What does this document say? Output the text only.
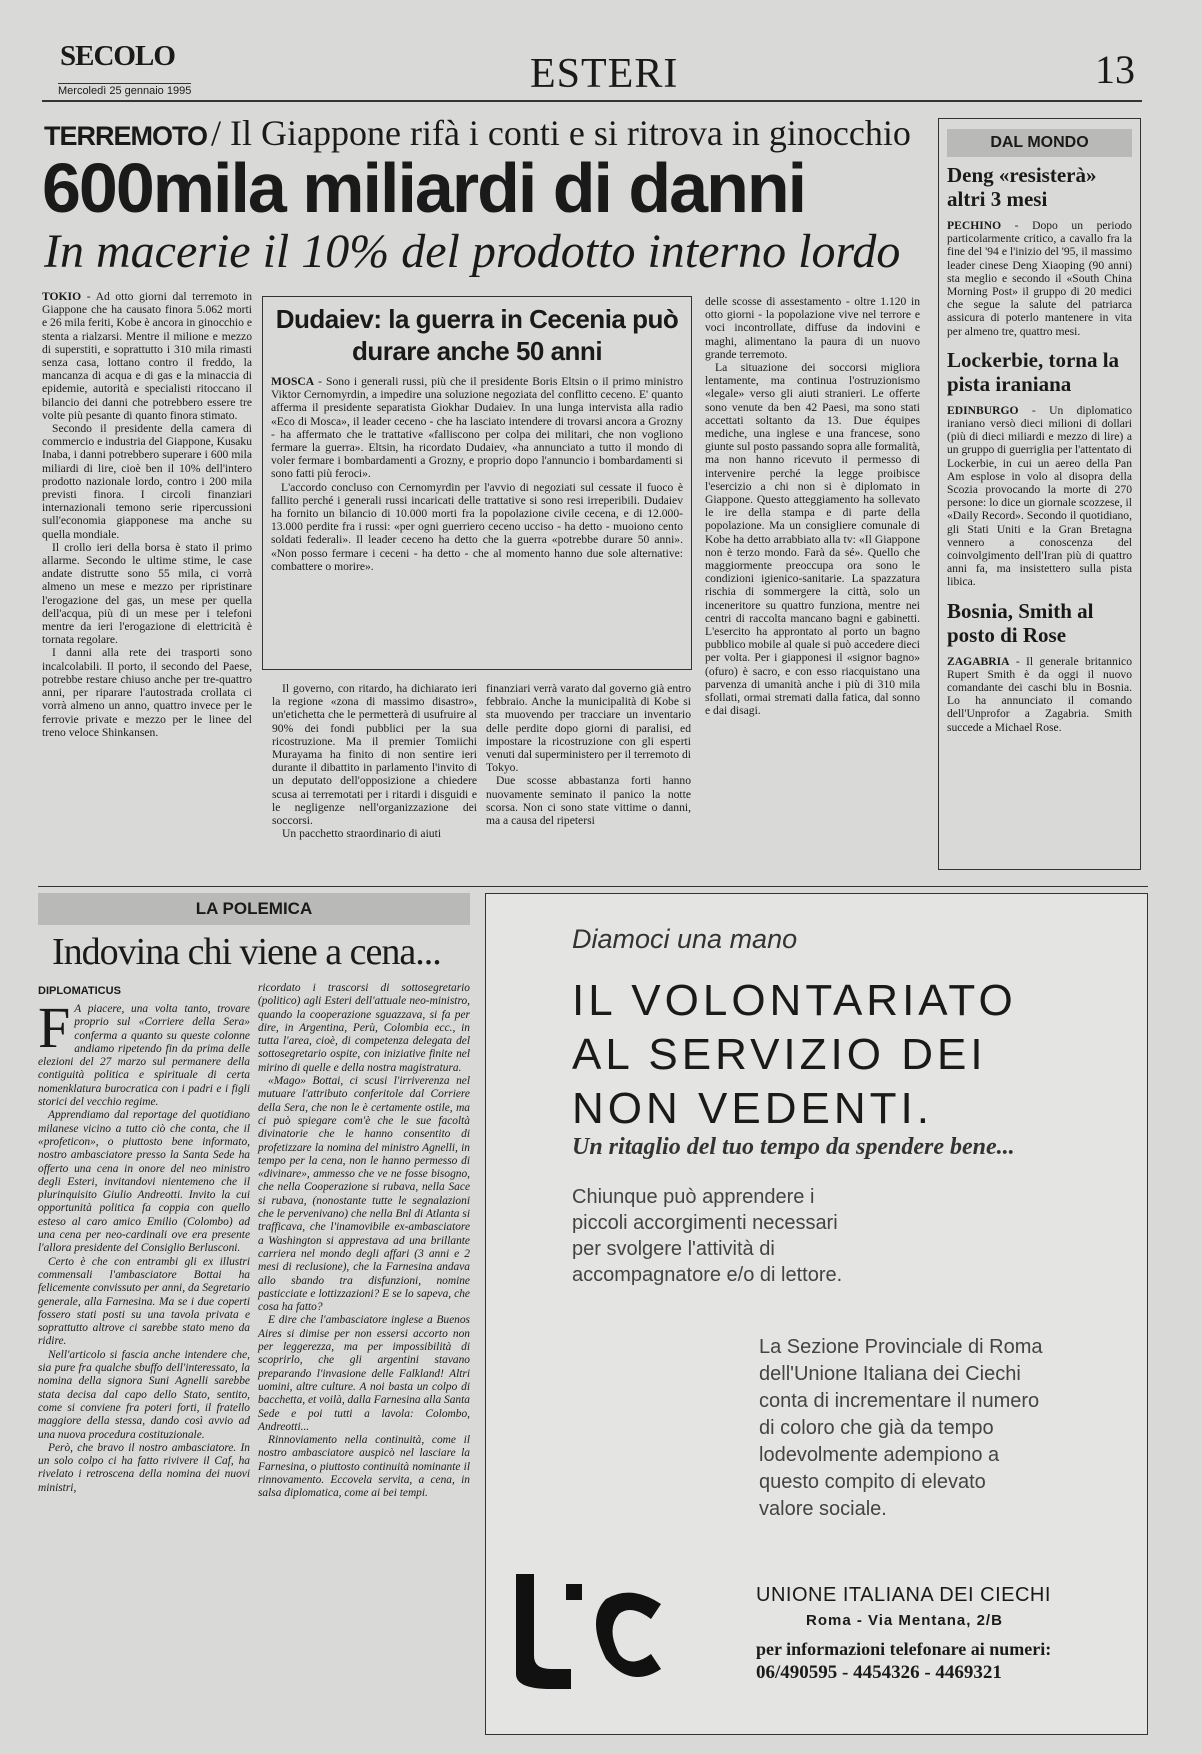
SECOLO
Mercoledì 25 gennaio 1995	ESTERI	13
TERREMOTO / Il Giappone rifà i conti e si ritrova in ginocchio
600mila miliardi di danni
In macerie il 10% del prodotto interno lordo
TOKIO - Ad otto giorni dal terremoto in Giappone che ha causato finora 5.062 morti e 26 mila feriti, Kobe è ancora in ginocchio e stenta a rialzarsi. Mentre il milione e mezzo di superstiti, e soprattutto i 310 mila rimasti senza casa, lottano contro il freddo, la mancanza di acqua e di gas e la minaccia di epidemie, autorità e specialisti ritoccano il bilancio dei danni che potrebbero essere tre volte più pesante di quanto finora stimato.

Secondo il presidente della camera di commercio e industria del Giappone, Kusaku Inaba, i danni potrebbero superare i 600 mila miliardi di lire, cioè ben il 10% dell'intero prodotto nazionale lordo, contro i 200 mila previsti finora. I circoli finanziari internazionali temono serie ripercussioni sull'economia giapponese ma anche su quella mondiale.

Il crollo ieri della borsa è stato il primo allarme. Secondo le ultime stime, le case andate distrutte sono 55 mila, ci vorrà almeno un mese e mezzo per ripristinare l'erogazione del gas, un mese per quella dell'acqua, più di un mese per i telefoni mentre da ieri l'erogazione di elettricità è tornata regolare.

I danni alla rete dei trasporti sono incalcolabili. Il porto, il secondo del Paese, potrebbe restare chiuso anche per tre-quattro anni, per riparare l'autostrada crollata ci vorrà almeno un anno, quattro invece per le ferrovie private e mezzo per le linee del treno veloce Shinkansen.

Dudaiev: la guerra in Cecenia può durare anche 50 anni
MOSCA - Sono i generali russi, più che il presidente Boris Eltsin o il primo ministro Viktor Cernomyrdin, a impedire una soluzione negoziata del conflitto ceceno. E' quanto afferma il presidente separatista Giokhar Dudaiev. In una lunga intervista alla radio «Eco di Mosca», il leader ceceno - che ha lasciato intendere di trovarsi ancora a Grozny - ha affermato che le trattative «falliscono per colpa dei militari, che non vogliono fermare la guerra». Eltsin, ha ricordato Dudaiev, «ha annunciato a tutto il mondo di voler fermare i bombardamenti a Grozny, e proprio dopo l'annuncio i bombardamenti si sono fatti più feroci».

L'accordo concluso con Cernomyrdin per l'avvio di negoziati sul cessate il fuoco è fallito perché i generali russi incaricati delle trattative si sono resi irreperibili. Dudaiev ha fornito un bilancio di 10.000 morti fra la popolazione civile cecena, e di 12.000-13.000 perdite fra i russi: «per ogni guerriero ceceno ucciso - ha detto - muoiono cento soldati federali». Il leader ceceno ha detto che la guerra «potrebbe durare 50 anni». «Non posso fermare i ceceni - ha detto - che al momento hanno due sole alternative: combattere o morire».

Il governo, con ritardo, ha dichiarato ieri la regione «zona di massimo disastro», un'etichetta che le permetterà di usufruire al 90% dei fondi pubblici per la sua ricostruzione. Ma il premier Tomiichi Murayama ha finito di non sentire ieri durante il dibattito in parlamento l'invito di un deputato dell'opposizione a chiedere scusa ai terremotati per i ritardi i disguidi e le negligenze nell'organizzazione dei soccorsi.

Un pacchetto straordinario di aiuti

finanziari verrà varato dal governo già entro febbraio. Anche la municipalità di Kobe si sta muovendo per tracciare un inventario delle perdite dopo giorni di paralisi, ed impostare la ricostruzione con gli esperti venuti dal superministero per il terremoto di Tokyo.

Due scosse abbastanza forti hanno nuovamente seminato il panico la notte scorsa. Non ci sono state vittime o danni, ma a causa del ripetersi

delle scosse di assestamento - oltre 1.120 in otto giorni - la popolazione vive nel terrore e voci incontrollate, diffuse da indovini e maghi, alimentano la paura di un nuovo grande terremoto.

La situazione dei soccorsi migliora lentamente, ma continua l'ostruzionismo «legale» verso gli aiuti stranieri. Le offerte sono venute da ben 42 Paesi, ma sono stati accettati soltanto da 13. Due équipes mediche, una inglese e una francese, sono giunte sul posto passando sopra alle formalità, ma non hanno ricevuto il permesso di intervenire perché la legge proibisce l'esercizio a chi non si è diplomato in Giappone. Questo atteggiamento ha sollevato le ire della stampa e di parte della popolazione. Ma un consigliere comunale di Kobe ha detto arrabbiato alla tv: «Il Giappone non è terzo mondo. Farà da sé». Quello che maggiormente preoccupa ora sono le condizioni igienico-sanitarie. La spazzatura rischia di sommergere la città, solo un inceneritore su quattro funziona, mentre nei centri di raccolta mancano bagni e gabinetti. L'esercito ha approntato al porto un bagno pubblico mobile al quale si può accedere dieci per volta. Per i giapponesi il «signor bagno» (ofuro) è sacro, e con esso riacquistano una parvenza di umanità anche i più di 310 mila sfollati, ormai stremati dalla fatica, dal sonno e dai disagi.

DAL MONDO
Deng «resisterà» altri 3 mesi
PECHINO - Dopo un periodo particolarmente critico, a cavallo fra la fine del '94 e l'inizio del '95, il massimo leader cinese Deng Xiaoping (90 anni) sta meglio e secondo il «South China Morning Post» il gruppo di 20 medici che segue la salute del patriarca assicura di poterlo mantenere in vita per almeno tre, quattro mesi.
Lockerbie, torna la pista iraniana
EDINBURGO - Un diplomatico iraniano versò dieci milioni di dollari (più di dieci miliardi e mezzo di lire) a un gruppo di guerriglia per l'attentato di Lockerbie, in cui un aereo della Pan Am esplose in volo al disopra della Scozia provocando la morte di 270 persone: lo dice un giornale scozzese, il «Daily Record». Secondo il quotidiano, gli Stati Uniti e la Gran Bretagna vennero a conoscenza del coinvolgimento dell'Iran più di quattro anni fa, ma insistettero sulla pista libica.
Bosnia, Smith al posto di Rose
ZAGABRIA - Il generale britannico Rupert Smith è da oggi il nuovo comandante dei caschi blu in Bosnia. Lo ha annunciato il comando dell'Unprofor a Zagabria. Smith succede a Michael Rose.
LA POLEMICA
Indovina chi viene a cena...
DIPLOMATICUS
F A piacere, una volta tanto, trovare proprio sul «Corriere della Sera» conferma a quanto su queste colonne andiamo ripetendo fin da prima delle elezioni del 27 marzo sul permanere della contiguità politica e spirituale di certa nomenklatura burocratica con i padri e i figli storici del vecchio regime.

Apprendiamo dal reportage del quotidiano milanese vicino a tutto ciò che conta, che il «profeticon», o piuttosto bene informato, nostro ambasciatore presso la Santa Sede ha offerto una cena in onore del neo ministro degli Esteri, invitandovi nientemeno che il plurinquisito Giulio Andreotti. Invito la cui opportunità politica fa coppia con quello esteso al caro amico Emilio (Colombo) ad una cena per neo-cardinali ove era presente l'allora presidente del Consiglio Berlusconi.

Certo è che con entrambi gli ex illustri commensali l'ambasciatore Bottai ha felicemente convissuto per anni, da Segretario generale, alla Farnesina. Ma se i due coperti fossero stati posti su una tavola privata e soprattutto altrove ci sarebbe stato meno da ridire.

Nell'articolo si fascia anche intendere che, sia pure fra qualche sbuffo dell'interessato, la nomina della signora Suni Agnelli sarebbe stata decisa dal capo dello Stato, sentito, come si conviene fra poteri forti, il fratello maggiore della stessa, dando così avvio ad una nuova procedura costituzionale.

Però, che bravo il nostro ambasciatore. In un solo colpo ci ha fatto rivivere il Caf, ha rivelato i retroscena della nomina dei nuovi ministri,

ricordato i trascorsi di sottosegretario (politico) agli Esteri dell'attuale neo-ministro, quando la cooperazione sguazzava, si fa per dire, in Argentina, Perù, Colombia ecc., in tutta l'area, cioè, di competenza delegata del sottosegretario ospite, con iniziative finite nel mirino di quelle e della nostra magistratura.

«Mago» Bottai, ci scusi l'irriverenza nel mutuare l'attributo conferitole dal Corriere della Sera, che non le è certamente ostile, ma ci può spiegare com'è che le sue facoltà divinatorie che le hanno consentito di profetizzare la nomina del ministro Agnelli, in tempo per la cena, non le hanno permesso di «divinare», ammesso che ve ne fosse bisogno, che nella Cooperazione si rubava, nella Sace si rubava, (nonostante tutte le segnalazioni che le pervenivano) che nella Bnl di Atlanta si trafficava, che l'inamovibile ex-ambasciatore a Washington si apprestava ad una brillante carriera nel mondo degli affari (3 anni e 2 mesi di reclusione), che la Farnesina andava allo sbando tra disfunzioni, nomine pasticciate e lottizzazioni? E se lo sapeva, che cosa ha fatto?

E dire che l'ambasciatore inglese a Buenos Aires si dimise per non essersi accorto non per leggerezza, ma per impossibilità di scoprirlo, che gli argentini stavano preparando l'invasione delle Falkland! Altri uomini, altre culture. A noi basta un colpo di bacchetta, et voilà, dalla Farnesina alla Santa Sede e poi tutti a lavola: Colombo, Andreotti...

Rinnoviamento nella continuità, come il nostro ambasciatore auspicò nel lasciare la Farnesina, o piuttosto continuità nominante il rinnovamento. Eccovela servita, a cena, in salsa diplomatica, come ai bei tempi.

Diamoci una mano
IL VOLONTARIATO
AL SERVIZIO DEI
NON VEDENTI.
Un ritaglio del tuo tempo da spendere bene...
Chiunque può apprendere i
piccoli accorgimenti necessari
per svolgere l'attività di
accompagnatore e/o di lettore.
La Sezione Provinciale di Roma
dell'Unione Italiana dei Ciechi
conta di incrementare il numero
di coloro che già da tempo
lodevolmente adempiono a
questo compito di elevato
valore sociale.
UNIONE ITALIANA DEI CIECHI
Roma - Via Mentana, 2/B
per informazioni telefonare ai numeri:
06/490595 - 4454326 - 4469321
